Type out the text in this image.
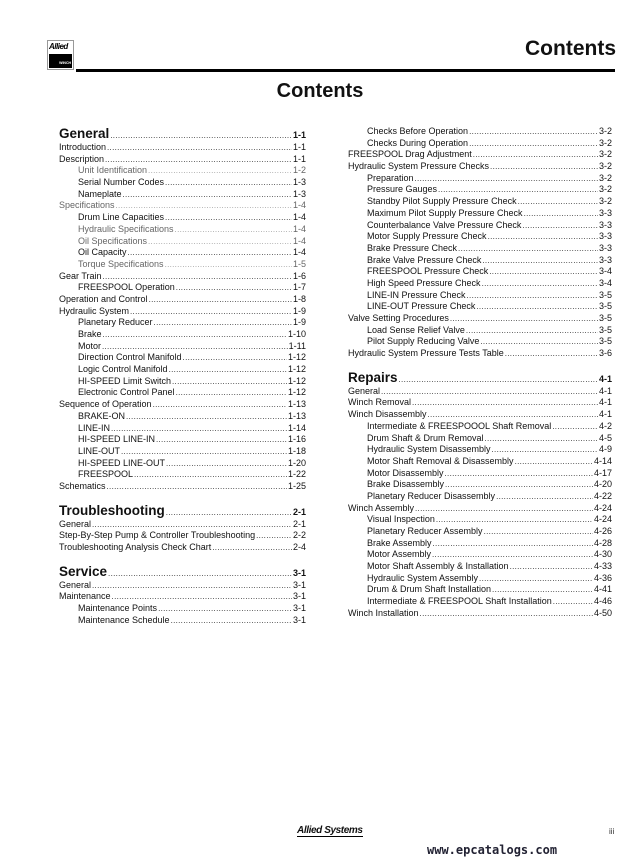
Allied
WINCH
Contents
Contents
General .....	1-1
Introduction .....	1-1
Description .....	1-1
Unit Identification .....	1-2
Serial Number Codes .....	1-3
Nameplate .....	1-3
Specifications .....	1-4
Drum Line Capacities .....	1-4
Hydraulic Specifications .....	1-4
Oil Specifications .....	1-4
Oil Capacity .....	1-4
Torque Specifications .....	1-5
Gear Train .....	1-6
FREESPOOL Operation .....	1-7
Operation and Control .....	1-8
Hydraulic System .....	1-9
Planetary Reducer .....	1-9
Brake .....	1-10
Motor .....	1-11
Direction Control Manifold .....	1-12
Logic Control Manifold .....	1-12
HI-SPEED Limit Switch .....	1-12
Electronic Control Panel .....	1-12
Sequence of Operation .....	1-13
BRAKE-ON .....	1-13
LINE-IN .....	1-14
HI-SPEED LINE-IN .....	1-16
LINE-OUT .....	1-18
HI-SPEED LINE-OUT .....	1-20
FREESPOOL .....	1-22
Schematics .....	1-25
Troubleshooting .....	2-1
General .....	2-1
Step-By-Step Pump & Controller Troubleshooting .....	2-2
Troubleshooting Analysis Check Chart .....	2-4
Service .....	3-1
General .....	3-1
Maintenance .....	3-1
Maintenance Points .....	3-1
Maintenance Schedule .....	3-1
Checks Before Operation .....	3-2
Checks During Operation .....	3-2
FREESPOOL Drag Adjustment .....	3-2
Hydraulic System Pressure Checks .....	3-2
Preparation .....	3-2
Pressure Gauges .....	3-2
Standby Pilot Supply Pressure Check .....	3-2
Maximum Pilot Supply Pressure Check .....	3-3
Counterbalance Valve Pressure Check .....	3-3
Motor Supply Pressure Check .....	3-3
Brake Pressure Check .....	3-3
Brake Valve Pressure Check .....	3-3
FREESPOOL Pressure Check .....	3-4
High Speed Pressure Check .....	3-4
LINE-IN Pressure Check .....	3-5
LINE-OUT Pressure Check .....	3-5
Valve Setting Procedures .....	3-5
Load Sense Relief Valve .....	3-5
Pilot Supply Reducing Valve .....	3-5
Hydraulic System Pressure Tests Table .....	3-6
Repairs .....	4-1
General .....	4-1
Winch Removal .....	4-1
Winch Disassembly .....	4-1
Intermediate & FREESPOOOL Shaft Removal .....	4-2
Drum Shaft & Drum Removal .....	4-5
Hydraulic System Disassembly .....	4-9
Motor Shaft Removal & Disassembly .....	4-14
Motor Disassembly .....	4-17
Brake Disassembly .....	4-20
Planetary Reducer Disassembly .....	4-22
Winch Assembly .....	4-24
Visual Inspection .....	4-24
Planetary Reducer Assembly .....	4-26
Brake Assembly .....	4-28
Motor Assembly .....	4-30
Motor Shaft Assembly & Installation .....	4-33
Hydraulic System Assembly .....	4-36
Drum & Drum Shaft Installation .....	4-41
Intermediate & FREESPOOL Shaft Installation .....	4-46
Winch Installation .....	4-50
Allied Systems	iii
www.epcatalogs.com
